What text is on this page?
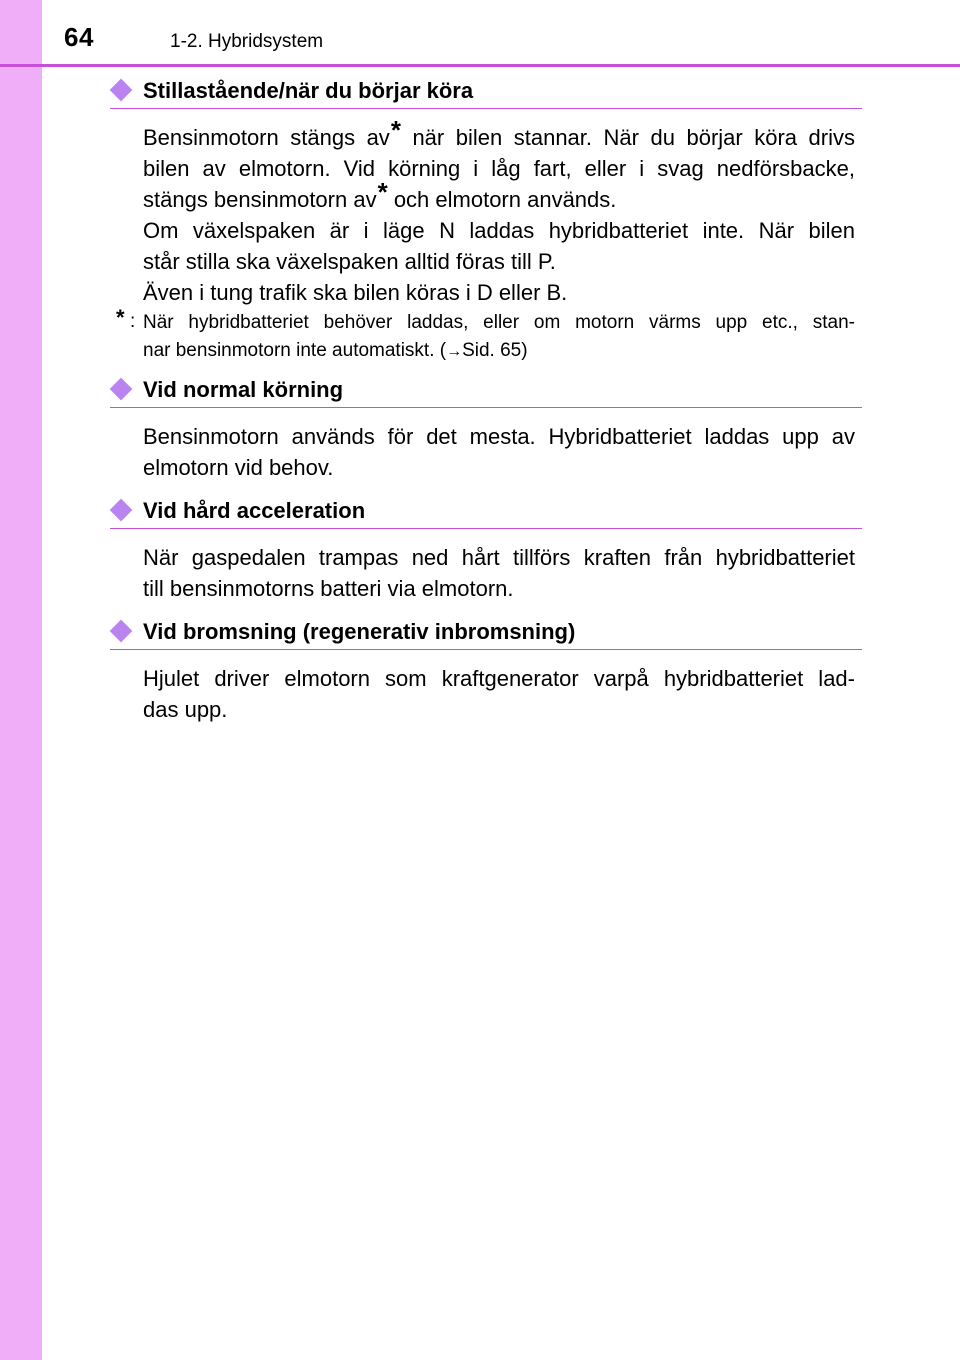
64	1-2. Hybridsystem
Stillastående/när du börjar köra
Bensinmotorn stängs av* när bilen stannar. När du börjar köra drivs
bilen av elmotorn. Vid körning i låg fart, eller i svag nedförsbacke,
stängs bensinmotorn av* och elmotorn används.
Om växelspaken är i läge N laddas hybridbatteriet inte. När bilen
står stilla ska växelspaken alltid föras till P.
Även i tung trafik ska bilen köras i D eller B.
* : När hybridbatteriet behöver laddas, eller om motorn värms upp etc., stan-
nar bensinmotorn inte automatiskt. (→Sid. 65)
Vid normal körning
Bensinmotorn används för det mesta. Hybridbatteriet laddas upp av
elmotorn vid behov.
Vid hård acceleration
När gaspedalen trampas ned hårt tillförs kraften från hybridbatteriet
till bensinmotorns batteri via elmotorn.
Vid bromsning (regenerativ inbromsning)
Hjulet driver elmotorn som kraftgenerator varpå hybridbatteriet lad-
das upp.
